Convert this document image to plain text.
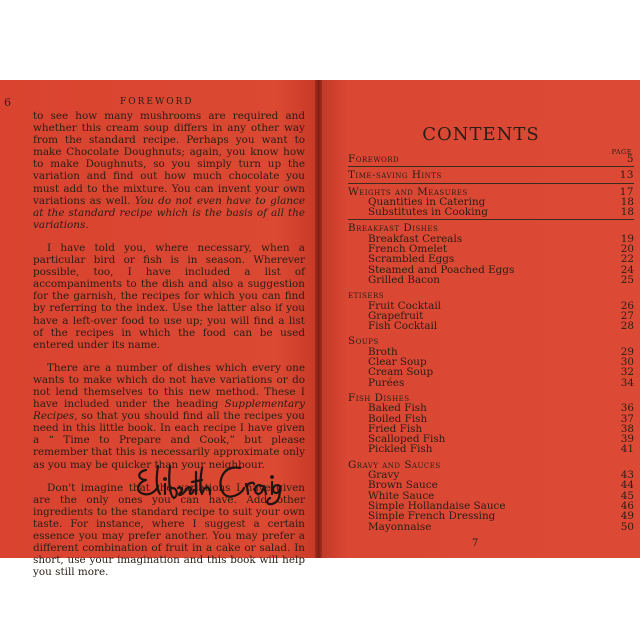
6	FOREWORD

to see how many mushrooms are required and whether this cream soup differs in any other way from the standard recipe. Perhaps you want to make Chocolate Doughnuts; again, you know how to make Doughnuts, so you simply turn up the variation and find out how much chocolate you must add to the mixture. You can invent your own variations as well. You do not even have to glance at the standard recipe which is the basis of all the variations.

I have told you, where necessary, when a particular bird or fish is in season. Wherever possible, too, I have included a list of accompaniments to the dish and also a suggestion for the garnish, the recipes for which you can find by referring to the index. Use the latter also if you have a left-over food to use up; you will find a list of the recipes in which the food can be used entered under its name.

There are a number of dishes which every one wants to make which do not have variations or do not lend themselves to this new method. These I have included under the heading Supplementary Recipes, so that you should find all the recipes you need in this little book. In each recipe I have given a “ Time to Prepare and Cook,” but please remember that this is necessarily approximate only as you may be quicker than your neighbour.

Don't imagine that the variations I have given are the only ones you can have. Add other ingredients to the standard recipe to suit your own taste. For instance, where I suggest a certain essence you may prefer another. You may prefer a different combination of fruit in a cake or salad. In short, use your imagination and this book will help you still more.

CONTENTS
PAGE
Foreword	5
Time-saving Hints	13
Weights and Measures	17
Quantities in Catering	18
Substitutes in Cooking	18
Breakfast Dishes
Breakfast Cereals	19
French Omelet	20
Scrambled Eggs	22
Steamed and Poached Eggs	24
Grilled Bacon	25
etisers
Fruit Cocktail	26
Grapefruit	27
Fish Cocktail	28
Soups
Broth	29
Clear Soup	30
Cream Soup	32
Purées	34
Fish Dishes
Baked Fish	36
Boiled Fish	37
Fried Fish	38
Scalloped Fish	39
Pickled Fish	41
Gravy and Sauces
Gravy	43
Brown Sauce	44
White Sauce	45
Simple Hollandaise Sauce	46
Simple French Dressing	49
Mayonnaise	50
7
